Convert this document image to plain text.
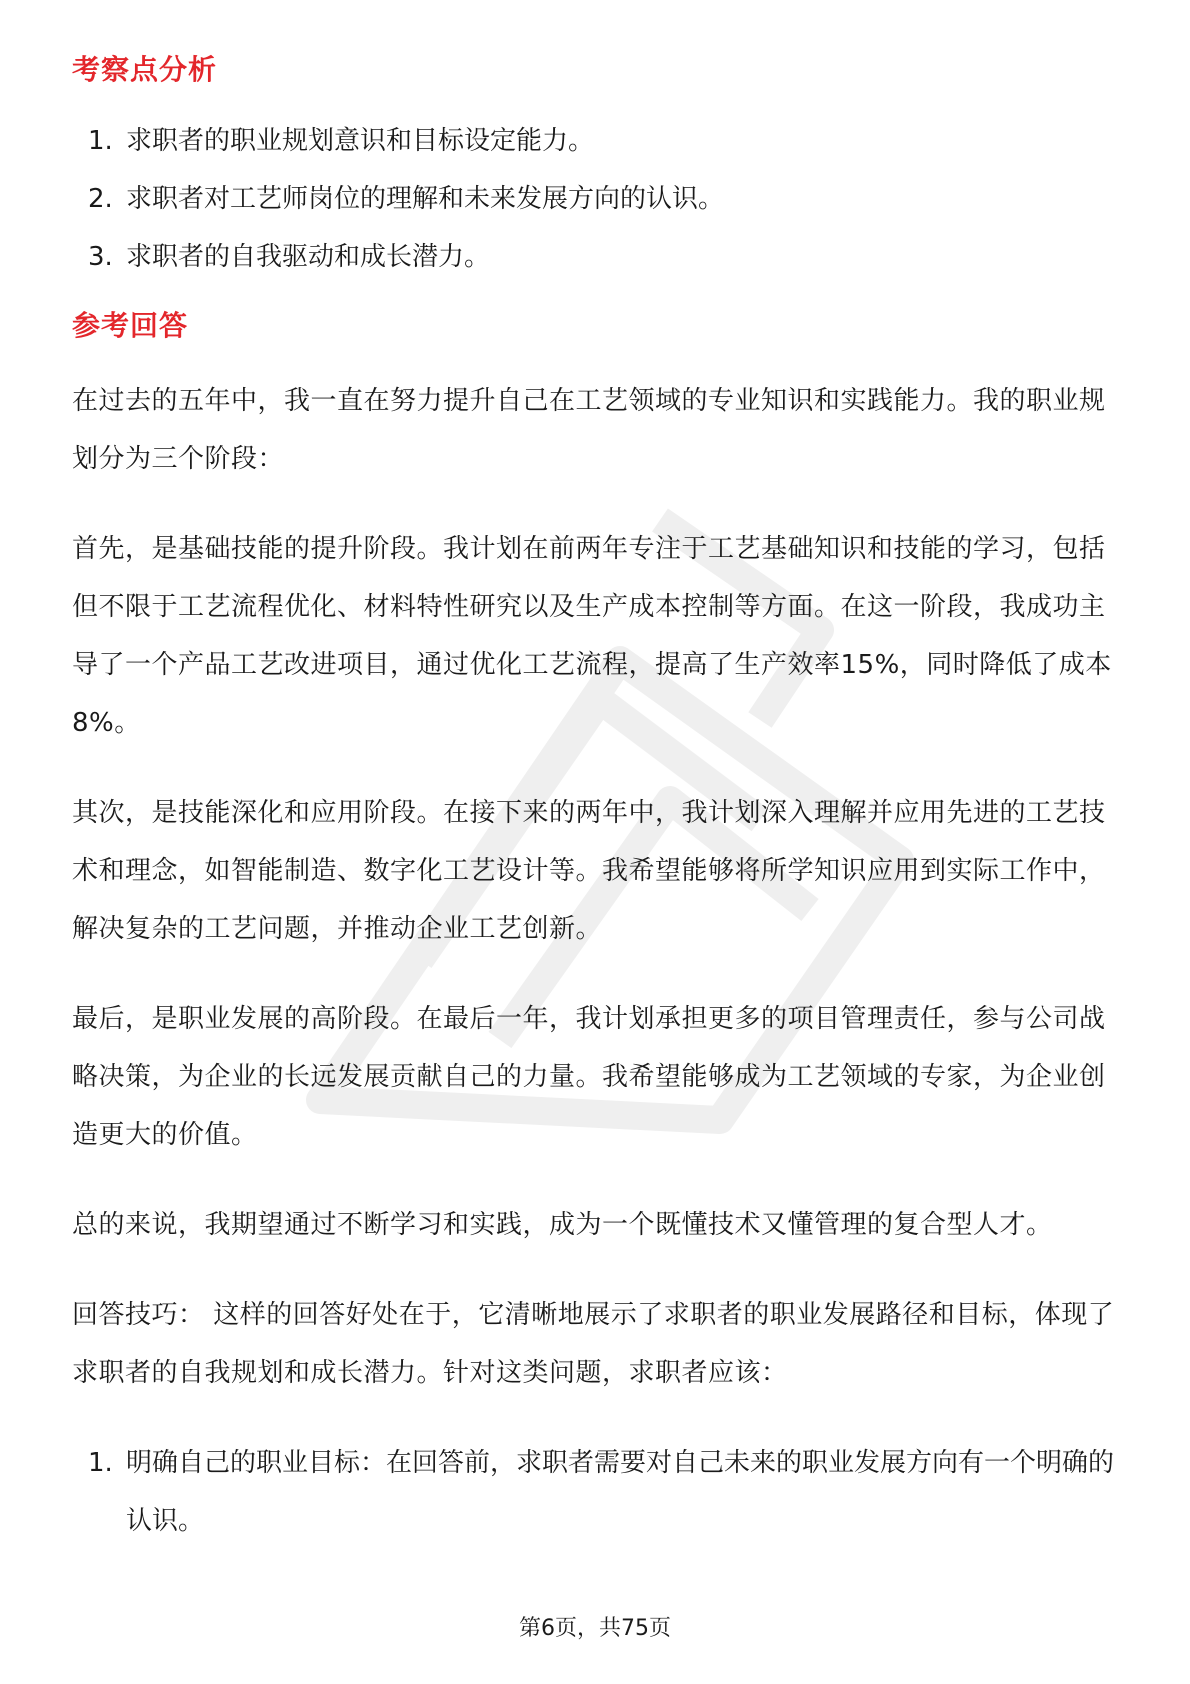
考察点分析
1. 求职者的职业规划意识和目标设定能力。
2. 求职者对工艺师岗位的理解和未来发展方向的认识。
3. 求职者的自我驱动和成长潜力。
参考回答

在过去的五年中，我一直在努力提升自己在工艺领域的专业知识和实践能力。我的职业规划分为三个阶段：

首先，是基础技能的提升阶段。我计划在前两年专注于工艺基础知识和技能的学习，包括但不限于工艺流程优化、材料特性研究以及生产成本控制等方面。在这一阶段，我成功主导了一个产品工艺改进项目，通过优化工艺流程，提高了生产效率15%，同时降低了成本8%。

其次，是技能深化和应用阶段。在接下来的两年中，我计划深入理解并应用先进的工艺技术和理念，如智能制造、数字化工艺设计等。我希望能够将所学知识应用到实际工作中，解决复杂的工艺问题，并推动企业工艺创新。

最后，是职业发展的高阶段。在最后一年，我计划承担更多的项目管理责任，参与公司战略决策，为企业的长远发展贡献自己的力量。我希望能够成为工艺领域的专家，为企业创造更大的价值。

总的来说，我期望通过不断学习和实践，成为一个既懂技术又懂管理的复合型人才。

回答技巧： 这样的回答好处在于，它清晰地展示了求职者的职业发展路径和目标，体现了求职者的自我规划和成长潜力。针对这类问题，求职者应该：

1. 明确自己的职业目标：在回答前，求职者需要对自己未来的职业发展方向有一个明确的认识。
第6页，共75页
